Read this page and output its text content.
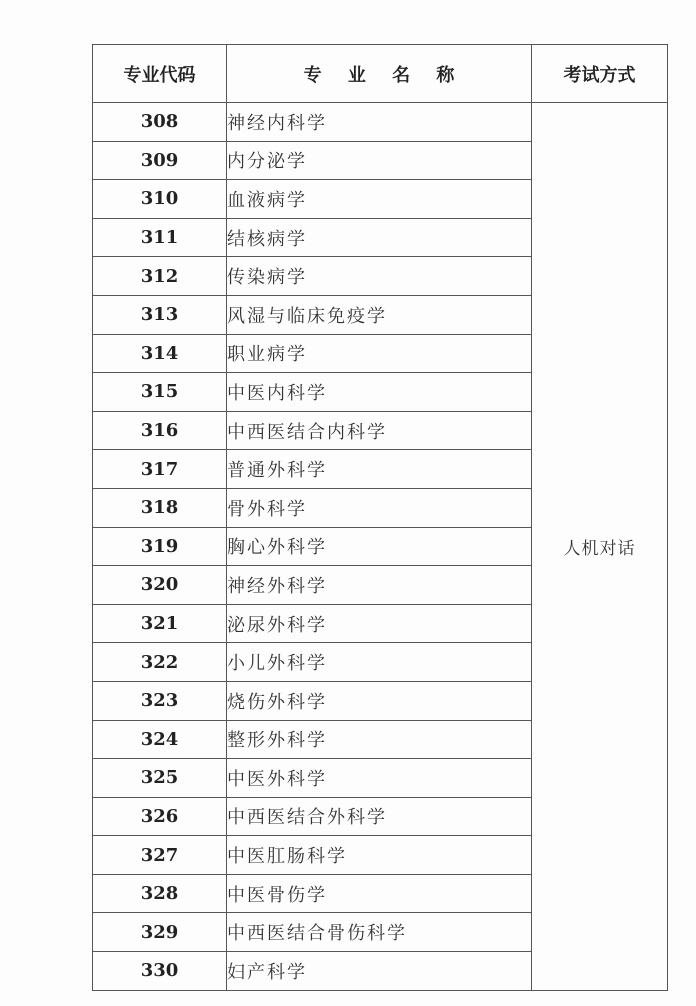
专业代码	专 业 名 称	考试方式
308	神经内科学	人机对话
309	内分泌学	
310	血液病学	
311	结核病学	
312	传染病学	
313	风湿与临床免疫学	
314	职业病学	
315	中医内科学	
316	中西医结合内科学	
317	普通外科学	
318	骨外科学	
319	胸心外科学	
320	神经外科学	
321	泌尿外科学	
322	小儿外科学	
323	烧伤外科学	
324	整形外科学	
325	中医外科学	
326	中西医结合外科学	
327	中医肛肠科学	
328	中医骨伤学	
329	中西医结合骨伤科学	
330	妇产科学	
